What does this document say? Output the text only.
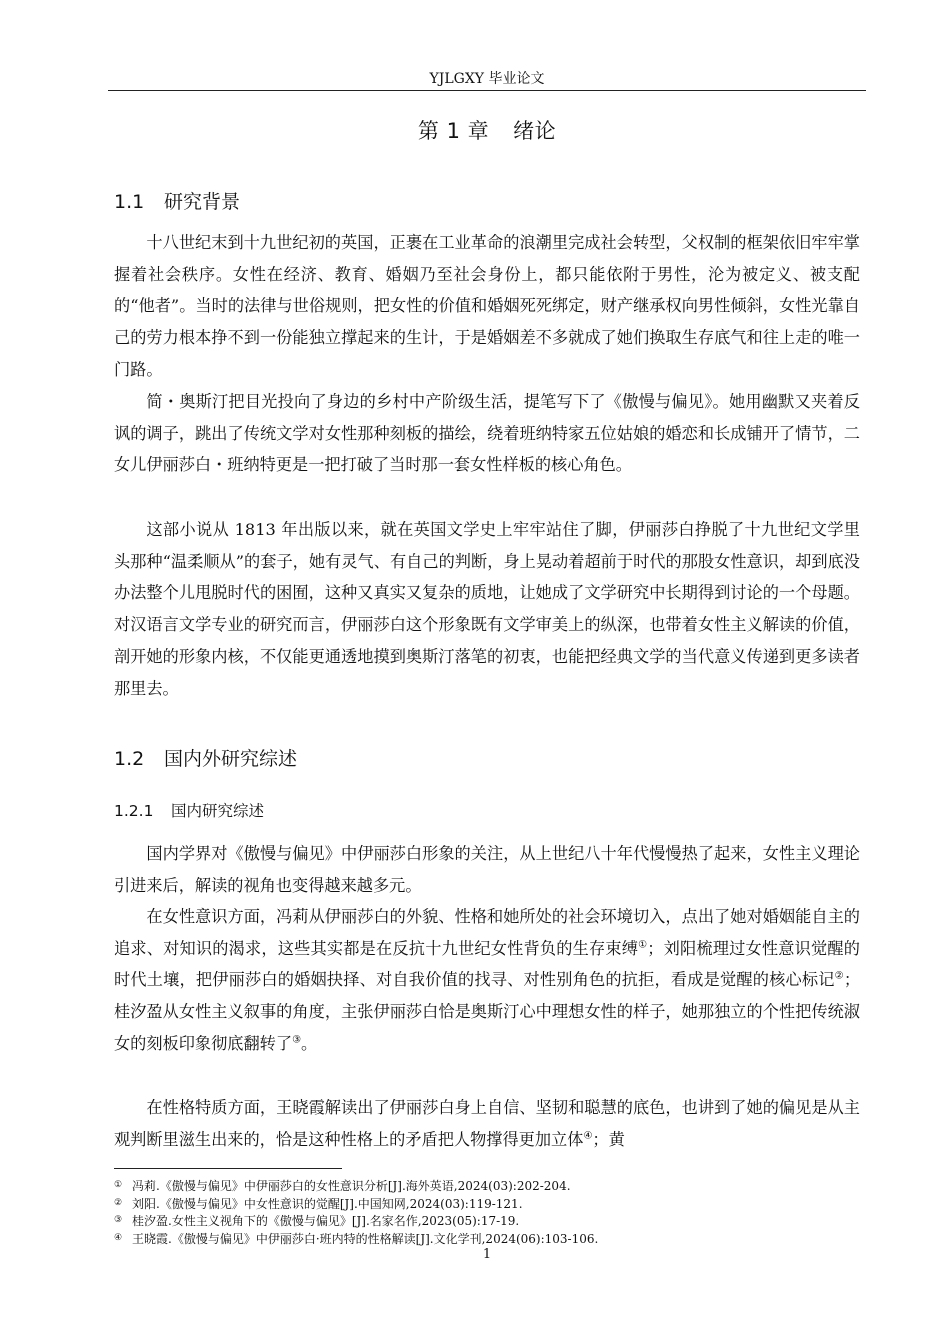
YJLGXY 毕业论文
第 1 章 绪论
1.1 研究背景

十八世纪末到十九世纪初的英国，正裹在工业革命的浪潮里完成社会转型，父权制的框架依旧牢牢掌握着社会秩序。女性在经济、教育、婚姻乃至社会身份上，都只能依附于男性，沦为被定义、被支配的“他者”。当时的法律与世俗规则，把女性的价值和婚姻死死绑定，财产继承权向男性倾斜，女性光靠自己的劳力根本挣不到一份能独立撑起来的生计，于是婚姻差不多就成了她们换取生存底气和往上走的唯一门路。

简・奥斯汀把目光投向了身边的乡村中产阶级生活，提笔写下了《傲慢与偏见》。她用幽默又夹着反讽的调子，跳出了传统文学对女性那种刻板的描绘，绕着班纳特家五位姑娘的婚恋和长成铺开了情节，二女儿伊丽莎白・班纳特更是一把打破了当时那一套女性样板的核心角色。

这部小说从 1813 年出版以来，就在英国文学史上牢牢站住了脚，伊丽莎白挣脱了十九世纪文学里头那种“温柔顺从”的套子，她有灵气、有自己的判断，身上晃动着超前于时代的那股女性意识，却到底没办法整个儿甩脱时代的困囿，这种又真实又复杂的质地，让她成了文学研究中长期得到讨论的一个母题。对汉语言文学专业的研究而言，伊丽莎白这个形象既有文学审美上的纵深，也带着女性主义解读的价值，剖开她的形象内核，不仅能更通透地摸到奥斯汀落笔的初衷，也能把经典文学的当代意义传递到更多读者那里去。

1.2 国内外研究综述
1.2.1 国内研究综述

国内学界对《傲慢与偏见》中伊丽莎白形象的关注，从上世纪八十年代慢慢热了起来，女性主义理论引进来后，解读的视角也变得越来越多元。

在女性意识方面，冯莉从伊丽莎白的外貌、性格和她所处的社会环境切入，点出了她对婚姻能自主的追求、对知识的渴求，这些其实都是在反抗十九世纪女性背负的生存束缚①；刘阳梳理过女性意识觉醒的时代土壤，把伊丽莎白的婚姻抉择、对自我价值的找寻、对性别角色的抗拒，看成是觉醒的核心标记②；桂汐盈从女性主义叙事的角度，主张伊丽莎白恰是奥斯汀心中理想女性的样子，她那独立的个性把传统淑女的刻板印象彻底翻转了③。

在性格特质方面，王晓霞解读出了伊丽莎白身上自信、坚韧和聪慧的底色，也讲到了她的偏见是从主观判断里滋生出来的，恰是这种性格上的矛盾把人物撑得更加立体④；黄

① 冯莉.《傲慢与偏见》中伊丽莎白的女性意识分析[J].海外英语,2024(03):202-204.
② 刘阳.《傲慢与偏见》中女性意识的觉醒[J].中国知网,2024(03):119-121.
③ 桂汐盈.女性主义视角下的《傲慢与偏见》[J].名家名作,2023(05):17-19.
④ 王晓霞.《傲慢与偏见》中伊丽莎白·班内特的性格解读[J].文化学刊,2024(06):103-106.
1
